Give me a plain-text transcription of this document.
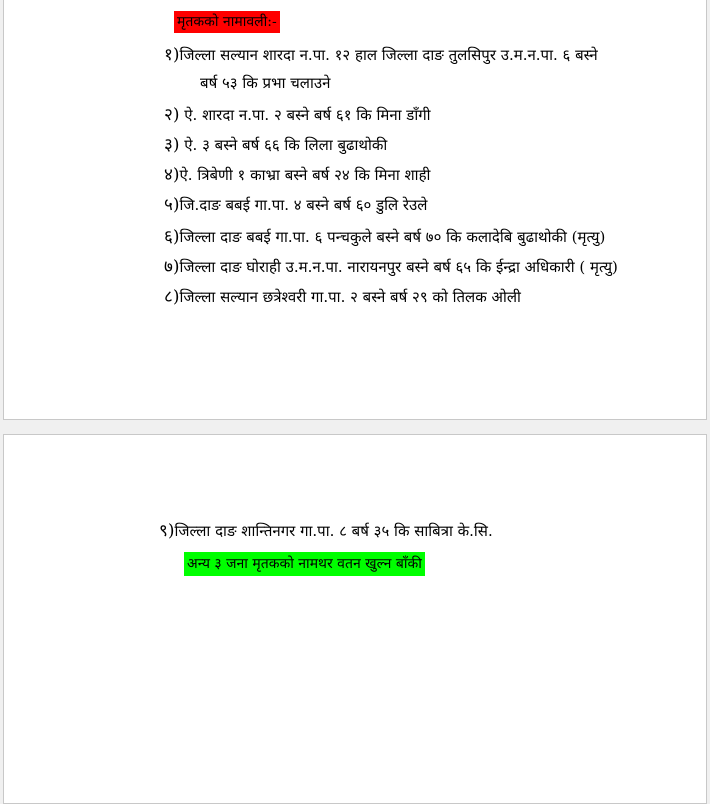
मृतकको नामावली:-
१)जिल्ला सल्यान शारदा न.पा. १२ हाल जिल्ला दाङ तुलसिपुर उ.म.न.पा. ६ बस्ने
बर्ष ५३ कि प्रभा चलाउने
२) ऐ. शारदा न.पा. २ बस्ने बर्ष ६१ कि मिना डाँगी
३) ऐ. ३ बस्ने बर्ष ६६ कि लिला बुढाथोकी
४)ऐ. त्रिबेणी १ काभ्रा बस्ने बर्ष २४ कि मिना शाही
५)जि.दाङ बबई गा.पा. ४ बस्ने बर्ष ६० डुलि रेउले
६)जिल्ला दाङ बबई गा.पा. ६ पन्चकुले बस्ने बर्ष ७० कि कलादेबि बुढाथोकी (मृत्यु)
७)जिल्ला दाङ घोराही उ.म.न.पा. नारायनपुर बस्ने बर्ष ६५ कि ईन्द्रा अधिकारी ( मृत्यु)
८)जिल्ला सल्यान छत्रेश्वरी गा.पा. २ बस्ने बर्ष २९ को तिलक ओली
९)जिल्ला दाङ शान्तिनगर गा.पा. ८ बर्ष ३५ कि साबित्रा के.सि.
अन्य ३ जना मृतकको नामथर वतन खुल्न बाँकी
